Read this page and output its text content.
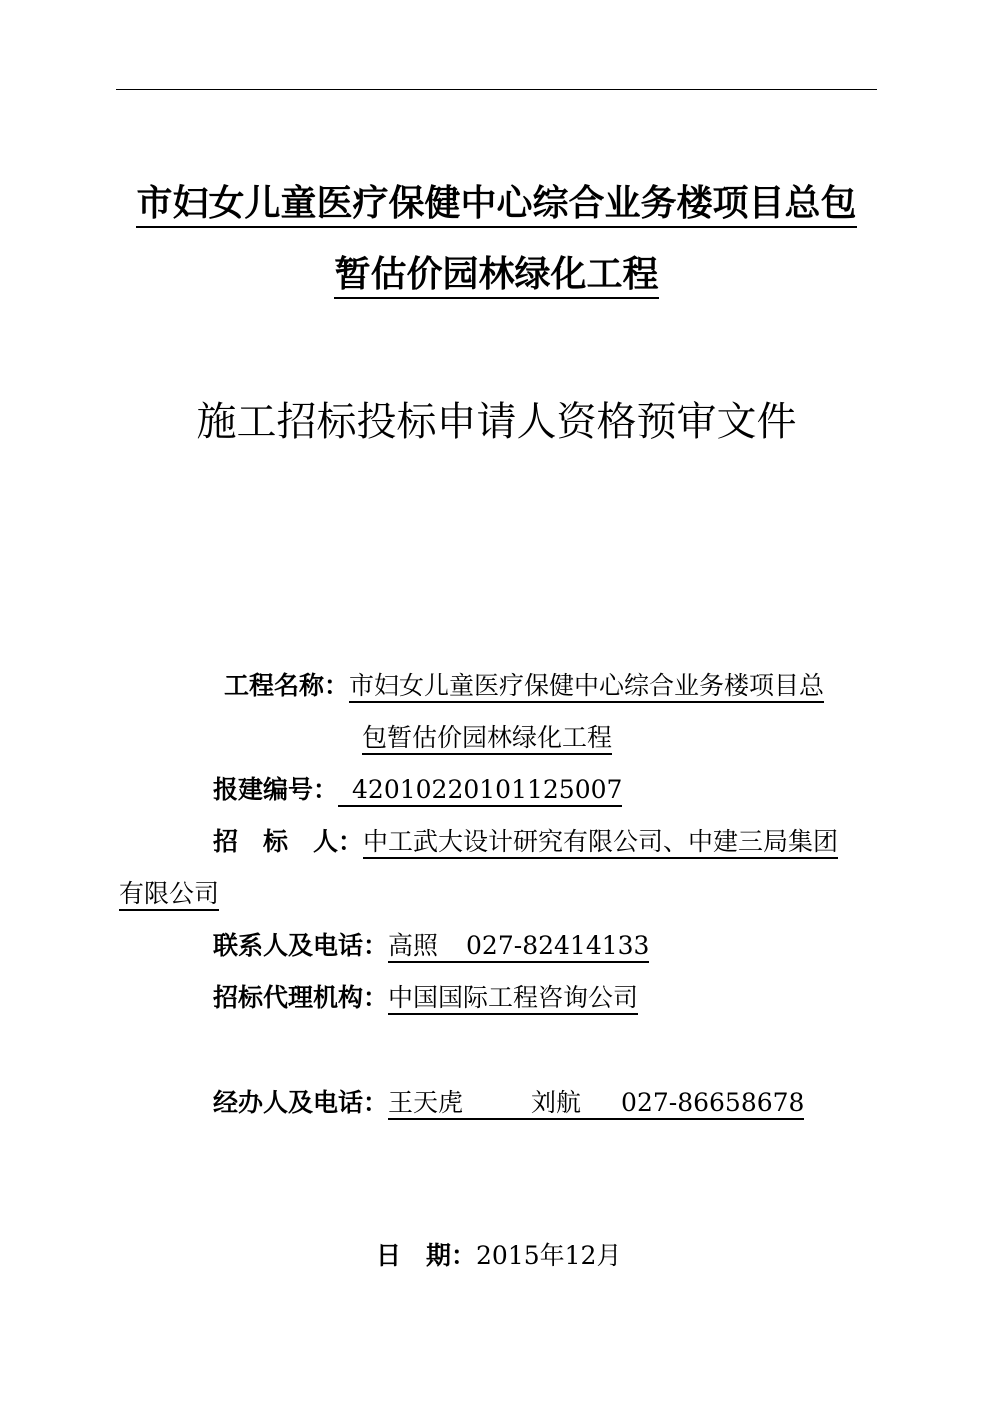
市妇女儿童医疗保健中心综合业务楼项目总包
暂估价园林绿化工程
施工招标投标申请人资格预审文件
工程名称：市妇女儿童医疗保健中心综合业务楼项目总
包暂估价园林绿化工程
报建编号： 42010220101125007
招　标　人：中工武大设计研究有限公司、中建三局集团
有限公司
联系人及电话：高照 027-82414133
招标代理机构：中国国际工程咨询公司
经办人及电话：王天虎	刘航 027-86658678
日　期：2015年12月
